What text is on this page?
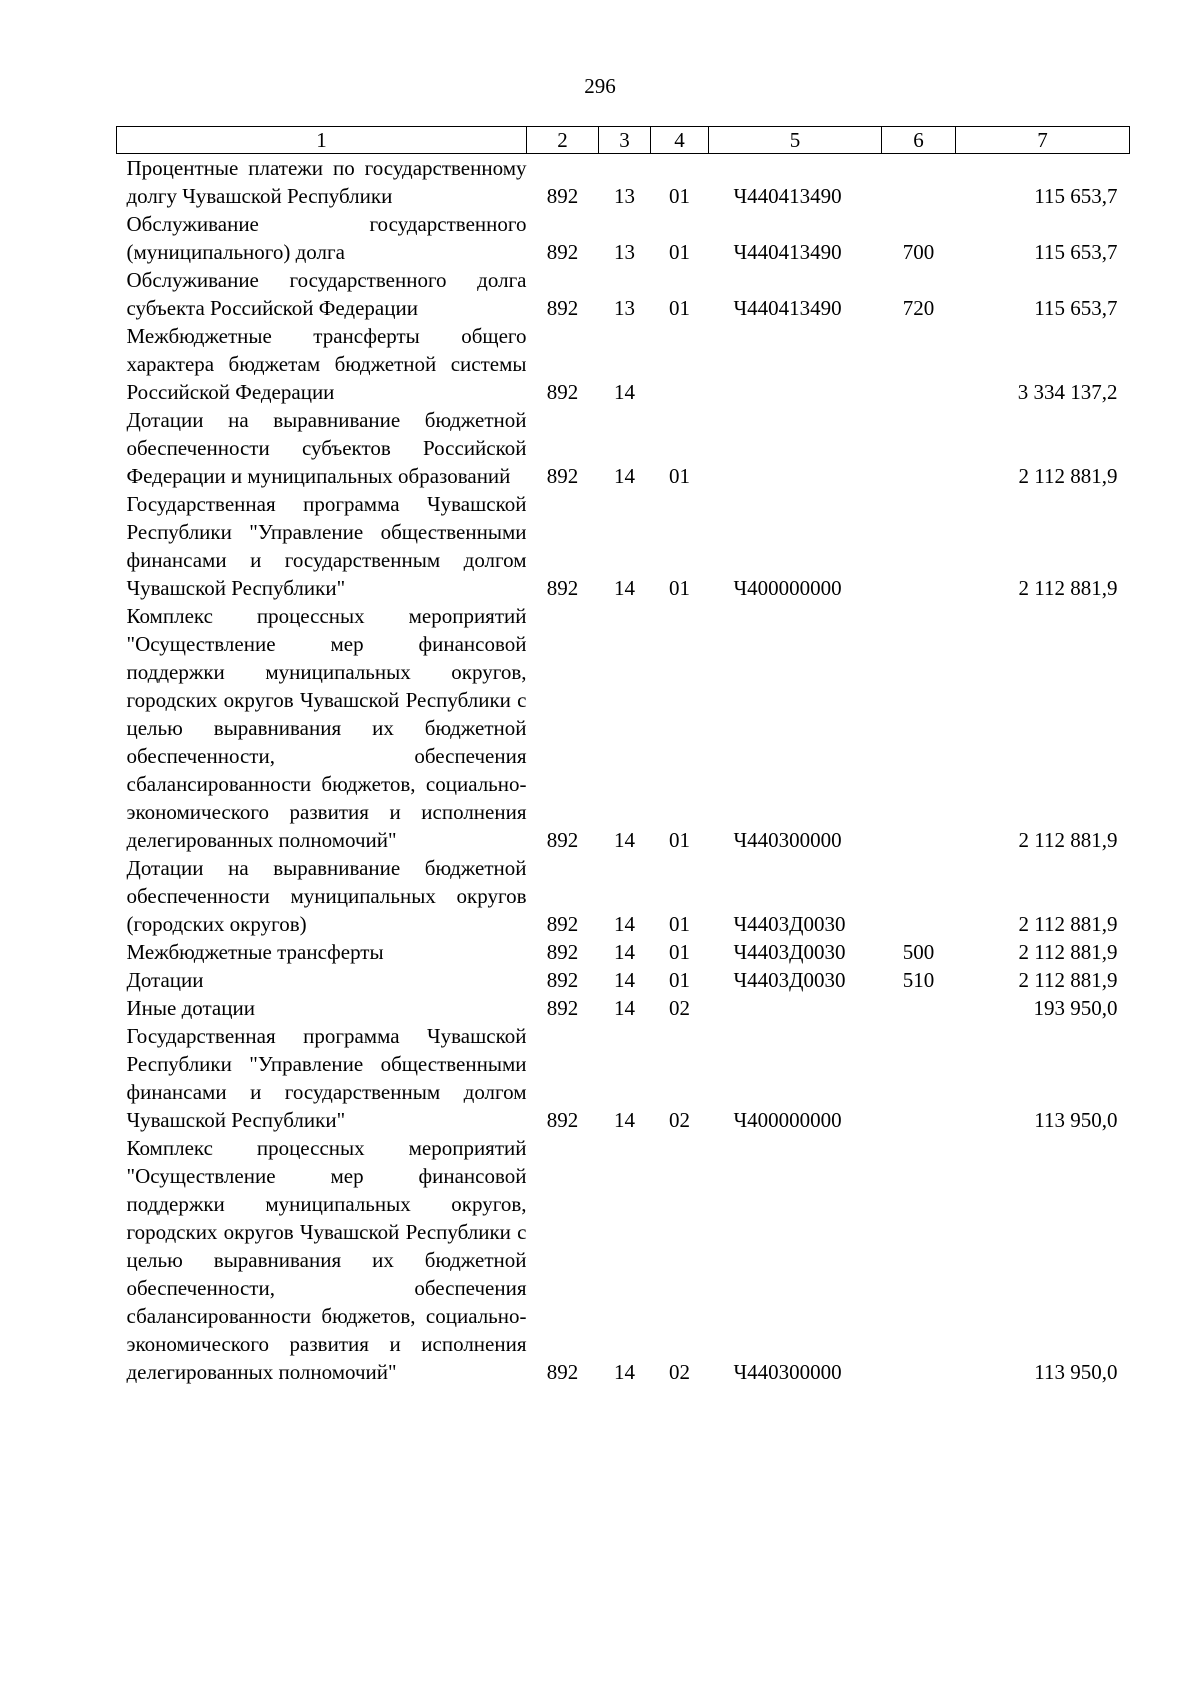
296
1	2	3	4	5	6	7
Процентные платежи по государственному долгу Чувашской Республики	892	13	01	Ч440413490		115 653,7
Обслуживание государственного (муниципального) долга	892	13	01	Ч440413490	700	115 653,7
Обслуживание государственного долга субъекта Российской Федерации	892	13	01	Ч440413490	720	115 653,7
Межбюджетные трансферты общего характера бюджетам бюджетной системы Российской Федерации	892	14				3 334 137,2
Дотации на выравнивание бюджетной обеспеченности субъектов Российской Федерации и муниципальных образований	892	14	01			2 112 881,9
Государственная программа Чувашской Республики "Управление общественными финансами и государственным долгом Чувашской Республики"	892	14	01	Ч400000000		2 112 881,9
Комплекс процессных мероприятий "Осуществление мер финансовой поддержки муниципальных округов, городских округов Чувашской Республики с целью выравнивания их бюджетной обеспеченности, обеспечения сбалансированности бюджетов, социально-экономического развития и исполнения делегированных полномочий"	892	14	01	Ч440300000		2 112 881,9
Дотации на выравнивание бюджетной обеспеченности муниципальных округов (городских округов)	892	14	01	Ч4403Д0030		2 112 881,9
Межбюджетные трансферты	892	14	01	Ч4403Д0030	500	2 112 881,9
Дотации	892	14	01	Ч4403Д0030	510	2 112 881,9
Иные дотации	892	14	02			193 950,0
Государственная программа Чувашской Республики "Управление общественными финансами и государственным долгом Чувашской Республики"	892	14	02	Ч400000000		113 950,0
Комплекс процессных мероприятий "Осуществление мер финансовой поддержки муниципальных округов, городских округов Чувашской Республики с целью выравнивания их бюджетной обеспеченности, обеспечения сбалансированности бюджетов, социально-экономического развития и исполнения делегированных полномочий"	892	14	02	Ч440300000		113 950,0
